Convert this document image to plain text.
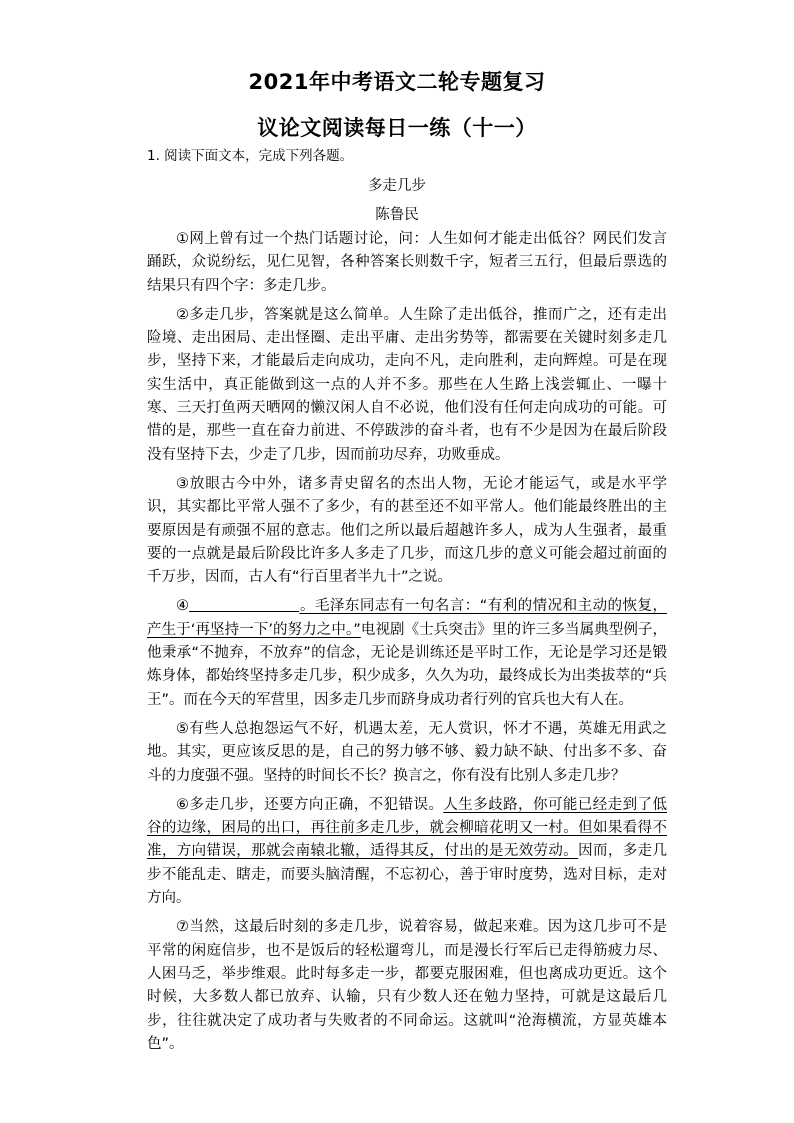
2021年中考语文二轮专题复习
议论文阅读每日一练（十一）
1. 阅读下面文本，完成下列各题。
多走几步
陈鲁民

①网上曾有过一个热门话题讨论，问：人生如何才能走出低谷？网民们发言踊跃，众说纷纭，见仁见智，各种答案长则数千字，短者三五行，但最后票选的结果只有四个字：多走几步。

②多走几步，答案就是这么简单。人生除了走出低谷，推而广之，还有走出险境、走出困局、走出怪圈、走出平庸、走出劣势等，都需要在关键时刻多走几步，坚持下来，才能最后走向成功，走向不凡，走向胜利，走向辉煌。可是在现实生活中，真正能做到这一点的人并不多。那些在人生路上浅尝辄止、一曝十寒、三天打鱼两天晒网的懒汉闲人自不必说，他们没有任何走向成功的可能。可惜的是，那些一直在奋力前进、不停跋涉的奋斗者，也有不少是因为在最后阶段没有坚持下去，少走了几步，因而前功尽弃，功败垂成。

③放眼古今中外，诸多青史留名的杰出人物，无论才能运气，或是水平学识，其实都比平常人强不了多少，有的甚至还不如平常人。他们能最终胜出的主要原因是有顽强不屈的意志。他们之所以最后超越许多人，成为人生强者，最重要的一点就是最后阶段比许多人多走了几步，而这几步的意义可能会超过前面的千万步，因而，古人有“行百里者半九十”之说。

④	。毛泽东同志有一句名言：“有利的情况和主动的恢复，产生于‘再坚持一下’的努力之中。”电视剧《士兵突击》里的许三多当属典型例子，他秉承“不抛弃，不放弃”的信念，无论是训练还是平时工作，无论是学习还是锻炼身体，都始终坚持多走几步，积少成多，久久为功，最终成长为出类拔萃的“兵王”。而在今天的军营里，因多走几步而跻身成功者行列的官兵也大有人在。

⑤有些人总抱怨运气不好，机遇太差，无人赏识，怀才不遇，英雄无用武之地。其实，更应该反思的是，自己的努力够不够、毅力缺不缺、付出多不多、奋斗的力度强不强。坚持的时间长不长？换言之，你有没有比别人多走几步？

⑥多走几步，还要方向正确，不犯错误。人生多歧路，你可能已经走到了低谷的边缘，困局的出口，再往前多走几步，就会柳暗花明又一村。但如果看得不准，方向错误，那就会南辕北辙，适得其反，付出的是无效劳动。因而，多走几步不能乱走、瞎走，而要头脑清醒，不忘初心，善于审时度势，选对目标，走对方向。

⑦当然，这最后时刻的多走几步，说着容易，做起来难。因为这几步可不是平常的闲庭信步，也不是饭后的轻松遛弯儿，而是漫长行军后已走得筋疲力尽、人困马乏，举步维艰。此时每多走一步，都要克服困难，但也离成功更近。这个时候，大多数人都已放弃、认输，只有少数人还在勉力坚持，可就是这最后几步，往往就决定了成功者与失败者的不同命运。这就叫“沧海横流，方显英雄本色”。
